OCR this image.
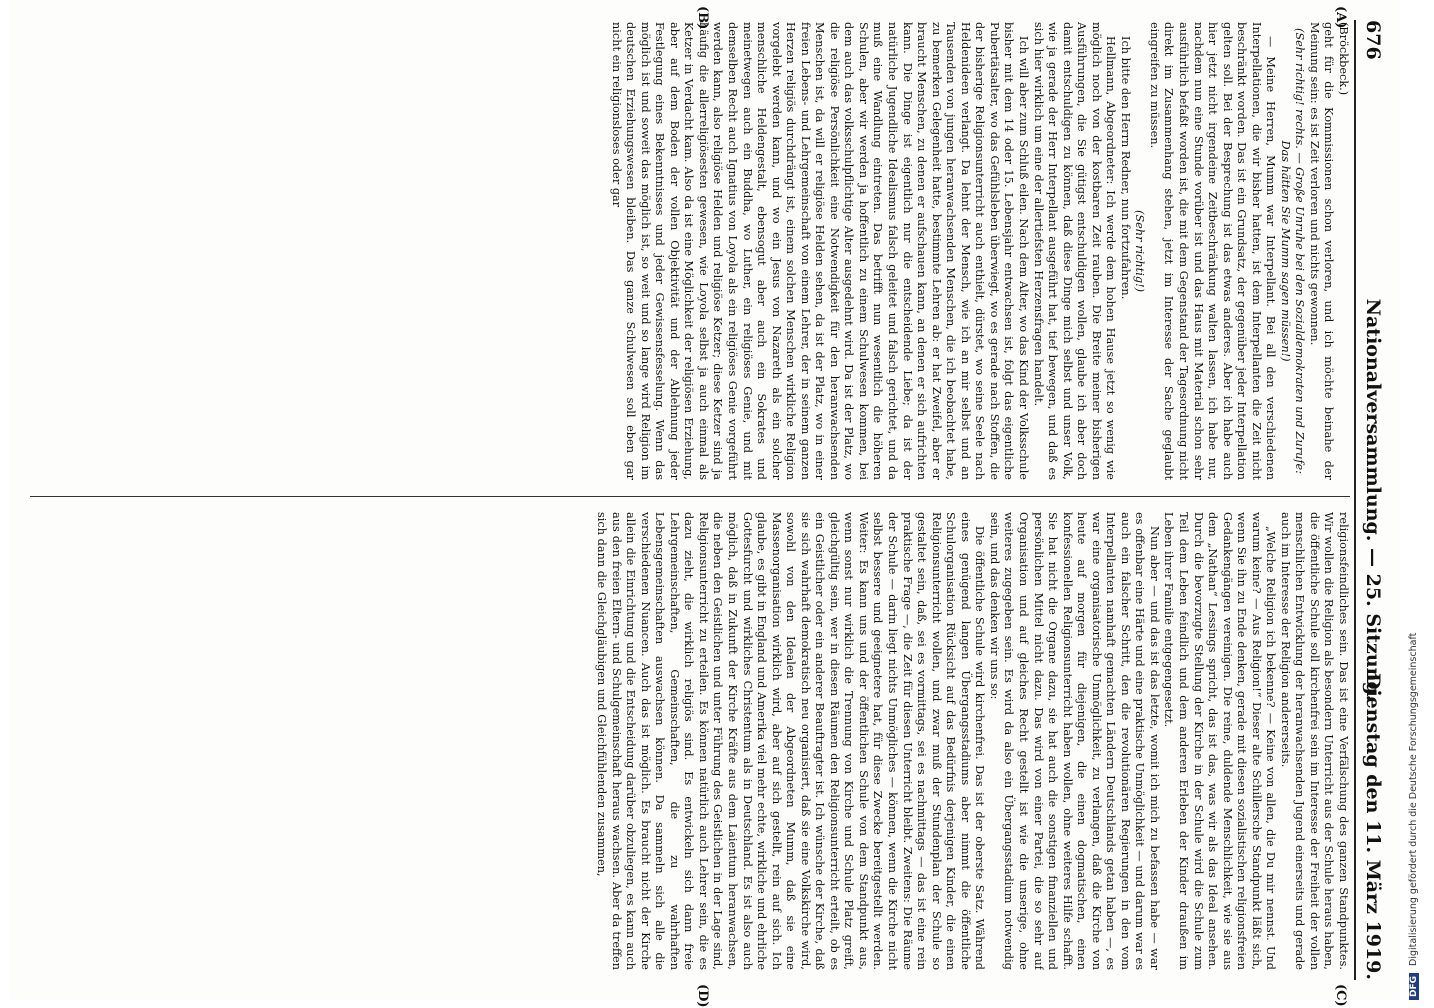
676
Nationalversammlung. — 25. Sitzung.
Dienstag den 11. März 1919.
(A)
(B)
(C)
(D)

(Bröckbeck.)

geht für die Kommissionen schon verloren, und ich möchte beinahe der Meinung sein: es ist Zeit verloren und nichts gewonnen.

(Sehr richtig! rechts. — Große Unruhe bei den Sozialdemokraten und Zurufe: Das hätten Sie Mumm sagen müssen!)

— Meine Herren, Mumm war Interpellant. Bei all den verschiedenen Interpellationen, die wir bisher hatten, ist dem Interpellanten die Zeit nicht beschränkt worden. Das ist ein Grundsatz, der gegenüber jeder Interpellation gelten soll. Bei der Besprechung ist das etwas anderes. Aber ich habe auch hier jetzt nicht irgendeine Zeitbeschränkung walten lassen, ich habe nur, nachdem nun eine Stunde vorüber ist und das Haus mit Material schon sehr ausführlich befaßt worden ist, die mit dem Gegenstand der Tagesordnung nicht direkt im Zusammenhang stehen, jetzt im Interesse der Sache geglaubt eingreifen zu müssen.

(Sehr richtig!)

Ich bitte den Herrn Redner, nun fortzufahren.

Hellmann, Abgeordneter: Ich werde dem hohen Hause jetzt so wenig wie möglich noch von der kostbaren Zeit rauben. Die Breite meiner bisherigen Ausführungen, die Sie gütigst entschuldigen wollen, glaube ich aber doch damit entschuldigen zu können, daß diese Dinge mich selbst und unser Volk, wie ja gerade der Herr Interpellant ausgeführt hat, tief bewegen, und daß es sich hier wirklich um eine der allertiefsten Herzensfragen handelt.

Ich will aber zum Schluß eilen. Nach dem Alter, wo das Kind der Volksschule bisher mit dem 14 oder 15. Lebensjahr entwachsen ist, folgt das eigentliche Pubertätsalter, wo das Gefühlsleben überwiegt, wo es gerade nach Stoffen, die der bisherige Religionsunterricht auch enthielt, dürstet, wo seine Seele nach Heldenideen verlangt. Da lehnt der Mensch, wie ich an mir selbst und an Tausenden von jungen heranwachsenden Menschen, die ich beobachtet habe, zu bemerken Gelegenheit hatte, bestimmte Lehren ab: er hat Zweifel, aber er braucht Menschen, zu denen er aufschauen kann, an denen er sich aufrichten kann. Die Dinge ist eigentlich nur die entscheidende Liebe; da ist der natürliche Jugendliche Idealismus falsch geleitet und falsch gerichtet, und da muß eine Wandlung eintreten. Das betrifft nun wesentlich die höheren Schulen, aber wir werden ja hoffentlich zu einem Schulwesen kommen, bei dem auch das volksschulpflichtige Alter ausgedehnt wird. Da ist der Platz, wo die religiöse Persönlichkeit eine Notwendigkeit für den heranwachsenden Menschen ist, da will er religiöse Helden sehen, da ist der Platz, wo in einer freien Lebens- und Lehrgemeinschaft von einem Lehrer, der in seinem ganzen Herzen religiös durchdrängt ist, einem solchen Menschen wirkliche Religion vorgelebt werden kann, und wo ein Jesus von Nazareth als ein solcher menschliche Heldengestalt, ebensogut aber auch ein Sokrates und meinetwegen auch ein Buddha, wo Luther, ein religiöses Genie, und mit demselben Recht auch Ignatius von Loyola als ein religiöses Genie vorgeführt werden kann, also religiöse Helden und religiöse Ketzer; diese Ketzer sind ja häufig die allerreligiösesten gewesen, wie Loyola selbst ja auch einmal als Ketzer in Verdacht kam. Also da ist eine Möglichkeit der religiösen Erziehung, aber auf dem Boden der vollen Objektivität und der Ablehnung jeder Festlegung eines Bekenntnisses und jeder Gewissensfesselung. Wenn das möglich ist und soweit das möglich ist, so weit und so lange wird Religion im deutschen Erziehungswesen bleiben. Das ganze Schulwesen soll eben gar nicht ein religionsloses oder gar

religionsfeindliches sein. Das ist eine Verfälschung des ganzen Standpunktes. Wir wollen die Religion als besondern Unterricht aus der Schule heraus haben, die öffentliche Schule soll kirchenfrei sein im Interesse der Freiheit der vollen menschlichen Entwicklung der heranwachsenden Jugend einerseits und gerade auch im Interesse der Religion andererseits.

„Welche Religion ich bekenne? — Keine von allen, die Du mir nennst. Und warum keine? — Aus Religion!“ Dieser alte Schillersche Standpunkt läßt sich, wenn Sie ihn zu Ende denken, gerade mit diesen sozialistischen religionsfreien Gedankengängen vereinigen. Die reine, duldende Menschlichkeit, wie sie aus dem „Nathan“ Lessings spricht, das ist das, was wir als das Ideal ansehen. Durch die bevorzugte Stellung der Kirche in der Schule wird die Schule zum Teil dem Leben feindlich und dem anderen Erleben der Kinder draußen im Leben ihrer Familie entgegengesetzt.

Nun aber — und das ist das letzte, womit ich mich zu befassen habe — war es offenbar eine Härte und eine praktische Unmöglichkeit — und darum war es auch ein falscher Schritt, den die revolutionären Regierungen in den vom Interpellanten namhaft gemachten Ländern Deutschlands getan haben —, es war eine organisatorische Unmöglichkeit, zu verlangen, daß die Kirche von heute auf morgen für diejenigen, die einen dogmatischen, einen konfessionellen Religionsunterricht haben wollen, ohne weiteres Hilfe schafft. Sie hat nicht die Organe dazu, sie hat auch die sonstigen finanziellen und persönlichen Mittel nicht dazu. Das wird von einer Partei, die so sehr auf Organisation und auf gleiches Recht gestellt ist wie die unserige, ohne weiteres zugegeben sein. Es wird da also ein Übergangsstadium notwendig sein, und das denken wir uns so:

Die öffentliche Schule wird kirchenfrei. Das ist der oberste Satz. Während eines genügend langen Übergangsstadiums aber nimmt die öffentliche Schulorganisation Rücksicht auf das Bedürfnis derjenigen Kinder, die einen Religionsunterricht wollen, und zwar muß der Stundenplan der Schule so gestaltet sein, daß, sei es vormittags, sei es nachmittags — das ist eine rein praktische Frage —, die Zeit für diesen Unterricht bleibt. Zweitens: Die Räume der Schule — darin liegt nichts Unmögliches — können, wenn die Kirche nicht selbst bessere und geeignetere hat, für diese Zwecke bereitgestellt werden. Weiter: Es kann uns und der öffentlichen Schule von dem Standpunkt aus, wenn sonst nur wirklich die Trennung von Kirche und Schule Platz greift, gleichgültig sein, wer in diesen Räumen den Religionsunterricht erteilt, ob es ein Geistlicher oder ein anderer Beauftragter ist. Ich wünsche der Kirche, daß sie sich wahrhaft demokratisch neu organisiert, daß sie eine Volkskirche wird, sowohl von den Idealen der Abgeordneten Mumm, daß sie eine Massenorganisation wirklich wird, aber auf sich gestellt, rein auf sich. Ich glaube, es gibt in England und Amerika viel mehr echte, wirkliche und ehrliche Gottesfurcht und wirkliches Christentum als in Deutschland. Es ist also auch möglich, daß in Zukunft der Kirche Kräfte aus dem Laientum heranwachsen, die neben den Geistlichen und unter Führung des Geistlichen in der Lage sind, Religionsunterricht zu erteilen. Es können natürlich auch Lehrer sein, die es dazu zieht, die wirklich religiös sind. Es entwickeln sich dann freie Lehrgemeinschaften, Gemeinschaften, die zu wahrhaften Lebensgemeinschaften auswachsen können. Da sammeln sich alle die verschiedenen Nuancen. Auch das ist möglich. Es braucht nicht der Kirche allein die Einrichtung und die Entscheidung darüber obzuliegen, es kann auch aus den freien Eltern- und Schulgemeinschaft heraus wachsen. Aber da treffen sich dann die Gleichgläubigen und Gleichfühlenden zusammen,

DFG Digitalisierung gefördert durch die Deutsche Forschungsgemeinschaft
